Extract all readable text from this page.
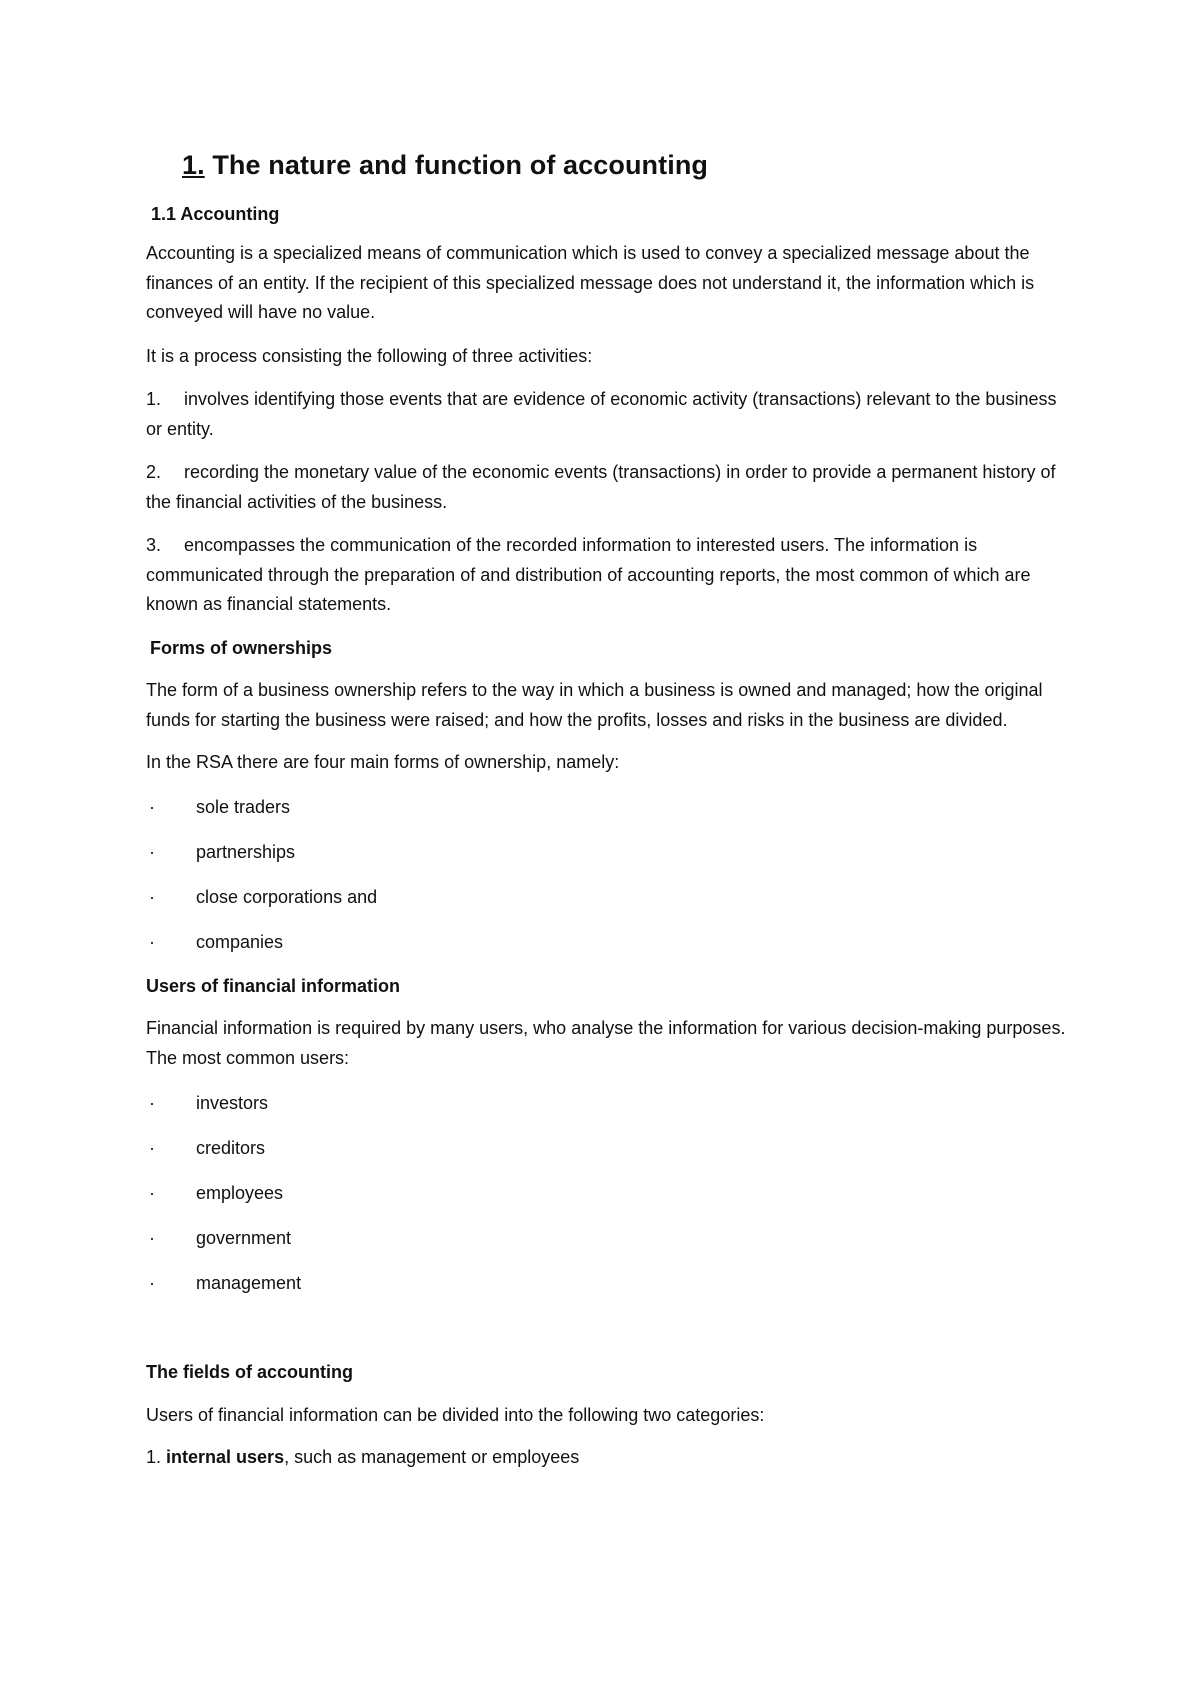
1. The nature and function of accounting
1.1 Accounting
Accounting is a specialized means of communication which is used to convey a specialized message about the finances of an entity. If the recipient of this specialized message does not understand it, the information which is conveyed will have no value.
It is a process consisting the following of three activities:
1. involves identifying those events that are evidence of economic activity (transactions) relevant to the business or entity.
2. recording the monetary value of the economic events (transactions) in order to provide a permanent history of the financial activities of the business.
3. encompasses the communication of the recorded information to interested users. The information is communicated through the preparation of and distribution of accounting reports, the most common of which are known as financial statements.
Forms of ownerships
The form of a business ownership refers to the way in which a business is owned and managed; how the original funds for starting the business were raised; and how the profits, losses and risks in the business are divided.
In the RSA there are four main forms of ownership, namely:
· sole traders
· partnerships
· close corporations and
· companies
Users of financial information
Financial information is required by many users, who analyse the information for various decision-making purposes. The most common users:
· investors
· creditors
· employees
· government
· management
The fields of accounting
Users of financial information can be divided into the following two categories:
1. internal users, such as management or employees
